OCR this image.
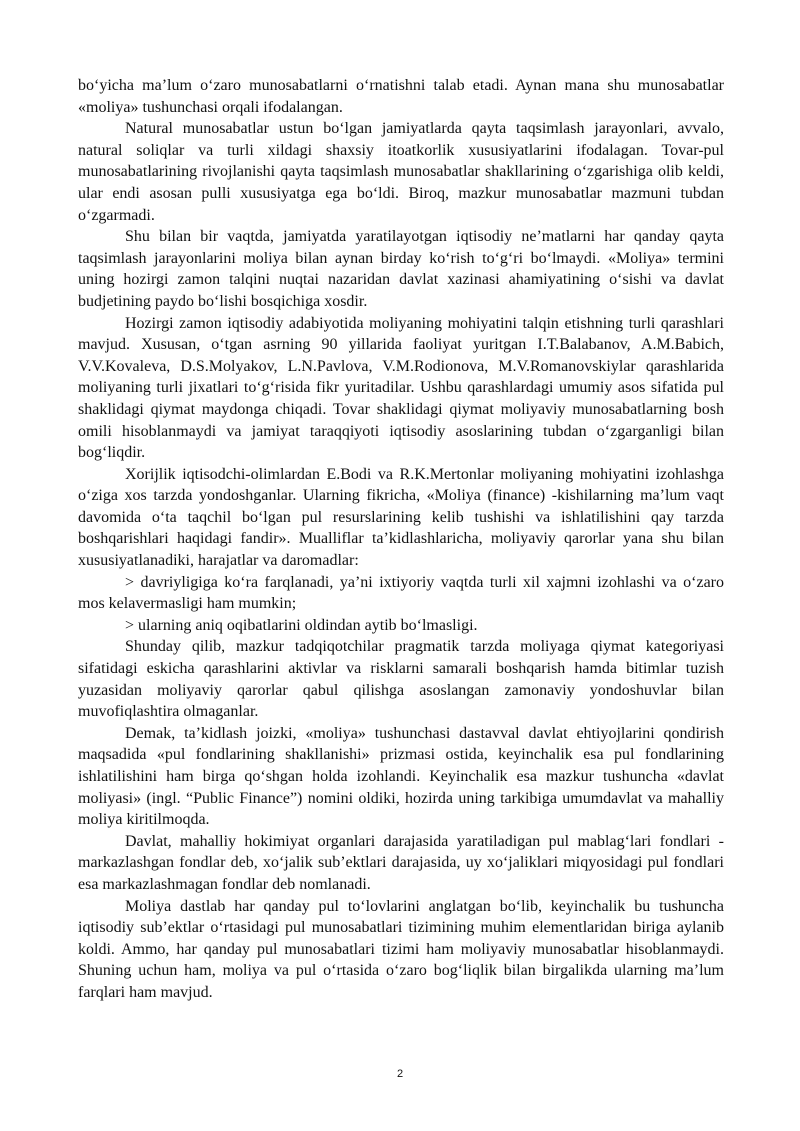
bo‘yicha ma’lum o‘zaro munosabatlarni o‘rnatishni talab etadi. Aynan mana shu munosabatlar «moliya» tushunchasi orqali ifodalangan.

Natural munosabatlar ustun bo‘lgan jamiyatlarda qayta taqsimlash jarayonlari, avvalo, natural soliqlar va turli xildagi shaxsiy itoatkorlik xususiyatlarini ifodalagan. Tovar-pul munosabatlarining rivojlanishi qayta taqsimlash munosabatlar shakllarining o‘zgarishiga olib keldi, ular endi asosan pulli xususiyatga ega bo‘ldi. Biroq, mazkur munosabatlar mazmuni tubdan o‘zgarmadi.

Shu bilan bir vaqtda, jamiyatda yaratilayotgan iqtisodiy ne’matlarni har qanday qayta taqsimlash jarayonlarini moliya bilan aynan birday ko‘rish to‘g‘ri bo‘lmaydi. «Moliya» termini uning hozirgi zamon talqini nuqtai nazaridan davlat xazinasi ahamiyatining o‘sishi va davlat budjetining paydo bo‘lishi bosqichiga xosdir.

Hozirgi zamon iqtisodiy adabiyotida moliyaning mohiyatini talqin etishning turli qarashlari mavjud. Xususan, o‘tgan asrning 90 yillarida faoliyat yuritgan I.T.Balabanov, A.M.Babich, V.V.Kovaleva, D.S.Molyakov, L.N.Pavlova, V.M.Rodionova, M.V.Romanovskiylar qarashlarida moliyaning turli jixatlari to‘g‘risida fikr yuritadilar. Ushbu qarashlardagi umumiy asos sifatida pul shaklidagi qiymat maydonga chiqadi. Tovar shaklidagi qiymat moliyaviy munosabatlarning bosh omili hisoblanmaydi va jamiyat taraqqiyoti iqtisodiy asoslarining tubdan o‘zgarganligi bilan bog‘liqdir.

Xorijlik iqtisodchi-olimlardan E.Bodi va R.K.Mertonlar moliyaning mohiyatini izohlashga o‘ziga xos tarzda yondoshganlar. Ularning fikricha, «Moliya (finance) -kishilarning ma’lum vaqt davomida o‘ta taqchil bo‘lgan pul resurslarining kelib tushishi va ishlatilishini qay tarzda boshqarishlari haqidagi fandir». Mualliflar ta’kidlashlaricha, moliyaviy qarorlar yana shu bilan xususiyatlanadiki, harajatlar va daromadlar:

> davriyligiga ko‘ra farqlanadi, ya’ni ixtiyoriy vaqtda turli xil xajmni izohlashi va o‘zaro mos kelavermasligi ham mumkin;

> ularning aniq oqibatlarini oldindan aytib bo‘lmasligi.

Shunday qilib, mazkur tadqiqotchilar pragmatik tarzda moliyaga qiymat kategoriyasi sifatidagi eskicha qarashlarini aktivlar va risklarni samarali boshqarish hamda bitimlar tuzish yuzasidan moliyaviy qarorlar qabul qilishga asoslangan zamonaviy yondoshuvlar bilan muvofiqlashtira olmaganlar.

Demak, ta’kidlash joizki, «moliya» tushunchasi dastavval davlat ehtiyojlarini qondirish maqsadida «pul fondlarining shakllanishi» prizmasi ostida, keyinchalik esa pul fondlarining ishlatilishini ham birga qo‘shgan holda izohlandi. Keyinchalik esa mazkur tushuncha «davlat moliyasi» (ingl. “Public Finance”) nomini oldiki, hozirda uning tarkibiga umumdavlat va mahalliy moliya kiritilmoqda.

Davlat, mahalliy hokimiyat organlari darajasida yaratiladigan pul mablag‘lari fondlari - markazlashgan fondlar deb, xo‘jalik sub’ektlari darajasida, uy xo‘jaliklari miqyosidagi pul fondlari esa markazlashmagan fondlar deb nomlanadi.

Moliya dastlab har qanday pul to‘lovlarini anglatgan bo‘lib, keyinchalik bu tushuncha iqtisodiy sub’ektlar o‘rtasidagi pul munosabatlari tizimining muhim elementlaridan biriga aylanib koldi. Ammo, har qanday pul munosabatlari tizimi ham moliyaviy munosabatlar hisoblanmaydi. Shuning uchun ham, moliya va pul o‘rtasida o‘zaro bog‘liqlik bilan birgalikda ularning ma’lum farqlari ham mavjud.

2
